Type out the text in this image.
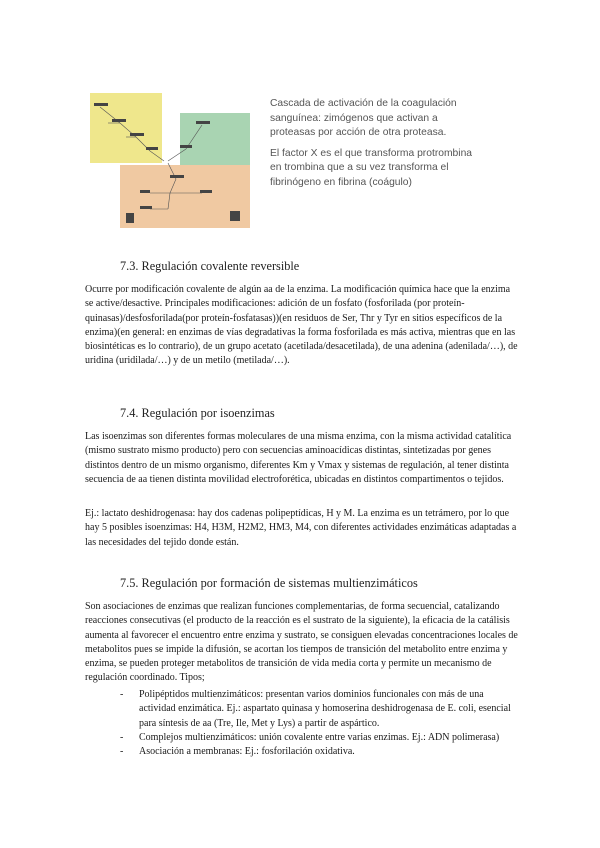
Cascada de activación de la coagulación sanguínea: zimógenos que activan a proteasas por acción de otra proteasa.

El factor X es el que transforma protrombina en trombina que a su vez transforma el fibrinógeno en fibrina (coágulo)

7.3. Regulación covalente reversible

Ocurre por modificación covalente de algún aa de la enzima. La modificación química hace que la enzima se active/desactive. Principales modificaciones: adición de un fosfato (fosforilada (por proteín-quinasas)/desfosforilada(por proteín-fosfatasas))(en residuos de Ser, Thr y Tyr en sitios específicos de la enzima)(en general: en enzimas de vías degradativas la forma fosforilada es más activa, mientras que en las biosintéticas es lo contrario), de un grupo acetato (acetilada/desacetilada), de una adenina (adenilada/…), de uridina (uridilada/…) y de un metilo (metilada/…).

7.4. Regulación por isoenzimas

Las isoenzimas son diferentes formas moleculares de una misma enzima, con la misma actividad catalítica (mismo sustrato mismo producto) pero con secuencias aminoacídicas distintas, sintetizadas por genes distintos dentro de un mismo organismo, diferentes Km y Vmax y sistemas de regulación, al tener distinta secuencia de aa tienen distinta movilidad electroforética, ubicadas en distintos compartimentos o tejidos.

Ej.: lactato deshidrogenasa: hay dos cadenas polipeptídicas, H y M. La enzima es un tetrámero, por lo que hay 5 posibles isoenzimas: H4, H3M, H2M2, HM3, M4, con diferentes actividades enzimáticas adaptadas a las necesidades del tejido donde están.

7.5. Regulación por formación de sistemas multienzimáticos

Son asociaciones de enzimas que realizan funciones complementarias, de forma secuencial, catalizando reacciones consecutivas (el producto de la reacción es el sustrato de la siguiente), la eficacia de la catálisis aumenta al favorecer el encuentro entre enzima y sustrato, se consiguen elevadas concentraciones locales de metabolitos pues se impide la difusión, se acortan los tiempos de transición del metabolito entre enzima y enzima, se pueden proteger metabolitos de transición de vida media corta y permite un mecanismo de regulación coordinado. Tipos;

- Polipéptidos multienzimáticos: presentan varios dominios funcionales con más de una actividad enzimática. Ej.: aspartato quinasa y homoserina deshidrogenasa de E. coli, esencial para síntesis de aa (Tre, Ile, Met y Lys) a partir de aspártico.
- Complejos multienzimáticos: unión covalente entre varias enzimas. Ej.: ADN polimerasa)
- Asociación a membranas: Ej.: fosforilación oxidativa.
